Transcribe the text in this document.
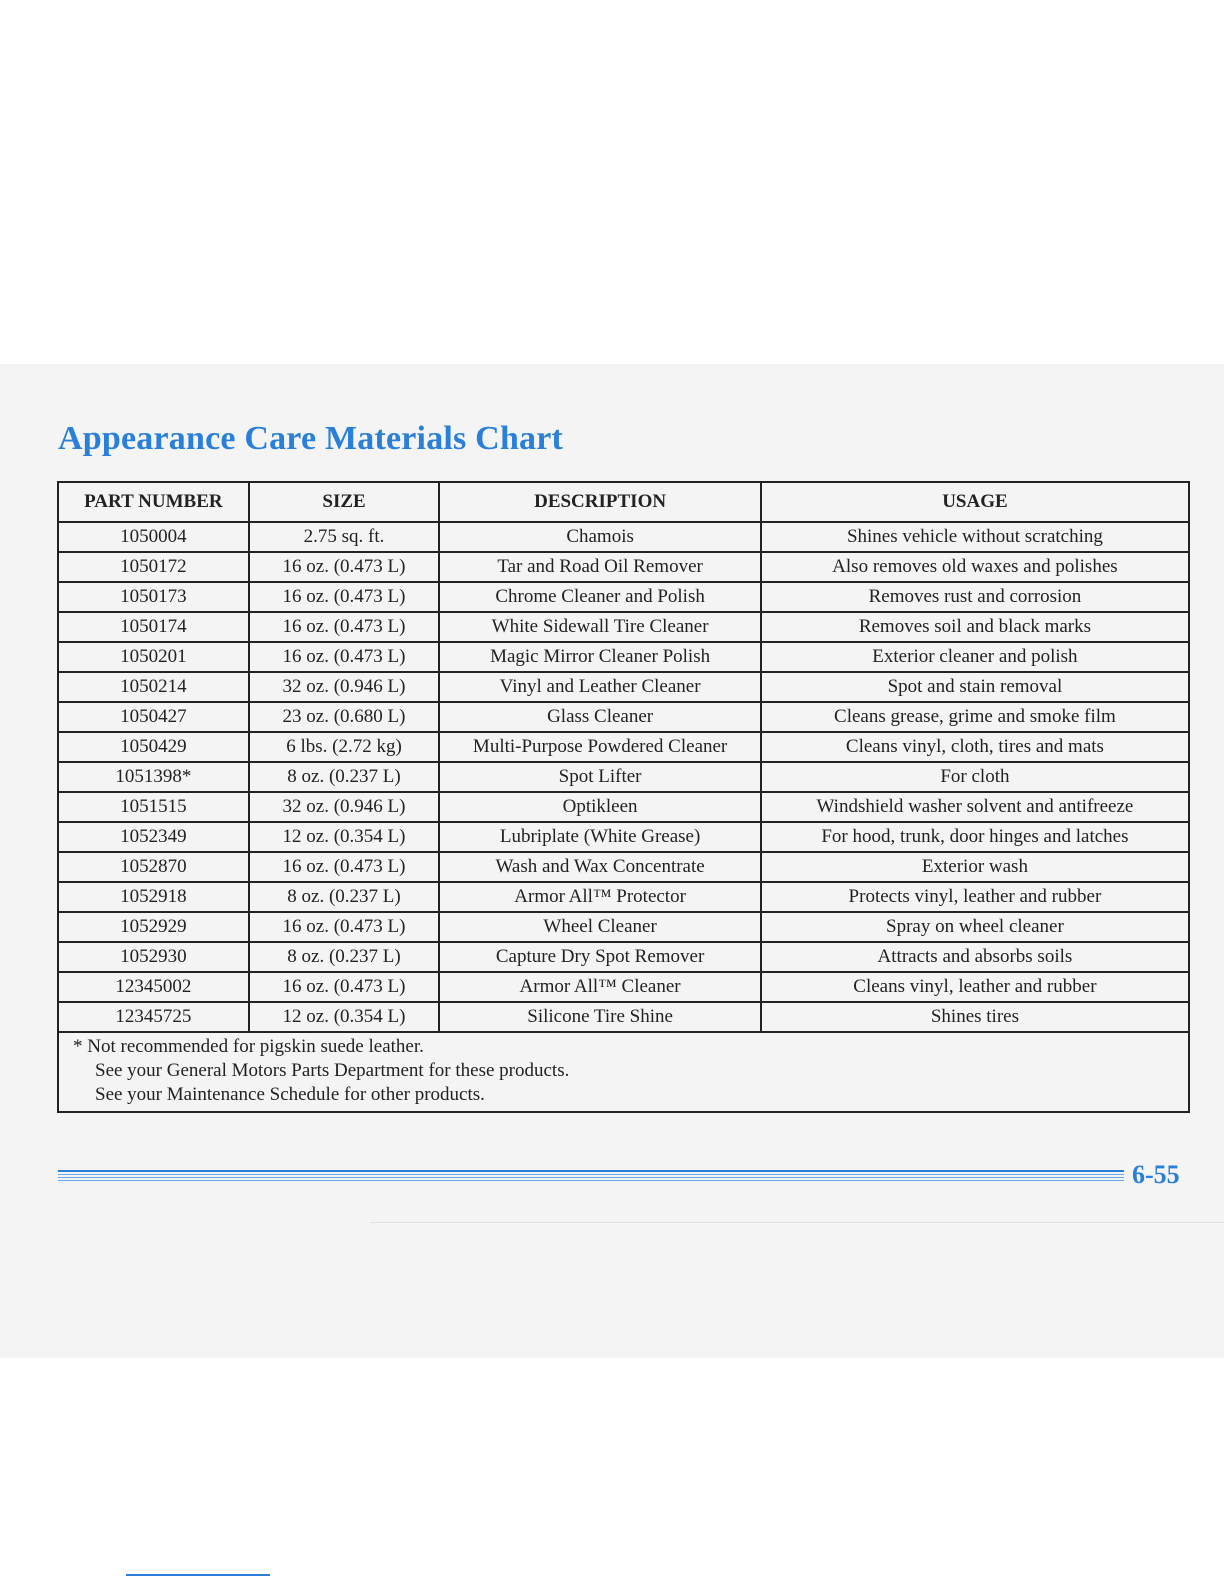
Appearance Care Materials Chart
PART NUMBER	SIZE	DESCRIPTION	USAGE
1050004	2.75 sq. ft.	Chamois	Shines vehicle without scratching
1050172	16 oz. (0.473 L)	Tar and Road Oil Remover	Also removes old waxes and polishes
1050173	16 oz. (0.473 L)	Chrome Cleaner and Polish	Removes rust and corrosion
1050174	16 oz. (0.473 L)	White Sidewall Tire Cleaner	Removes soil and black marks
1050201	16 oz. (0.473 L)	Magic Mirror Cleaner Polish	Exterior cleaner and polish
1050214	32 oz. (0.946 L)	Vinyl and Leather Cleaner	Spot and stain removal
1050427	23 oz. (0.680 L)	Glass Cleaner	Cleans grease, grime and smoke film
1050429	6 lbs. (2.72 kg)	Multi-Purpose Powdered Cleaner	Cleans vinyl, cloth, tires and mats
1051398*	8 oz. (0.237 L)	Spot Lifter	For cloth
1051515	32 oz. (0.946 L)	Optikleen	Windshield washer solvent and antifreeze
1052349	12 oz. (0.354 L)	Lubriplate (White Grease)	For hood, trunk, door hinges and latches
1052870	16 oz. (0.473 L)	Wash and Wax Concentrate	Exterior wash
1052918	8 oz. (0.237 L)	Armor All™ Protector	Protects vinyl, leather and rubber
1052929	16 oz. (0.473 L)	Wheel Cleaner	Spray on wheel cleaner
1052930	8 oz. (0.237 L)	Capture Dry Spot Remover	Attracts and absorbs soils
12345002	16 oz. (0.473 L)	Armor All™ Cleaner	Cleans vinyl, leather and rubber
12345725	12 oz. (0.354 L)	Silicone Tire Shine	Shines tires

* Not recommended for pigskin suede leather.
See your General Motors Parts Department for these products.
See your Maintenance Schedule for other products.			
6-55
